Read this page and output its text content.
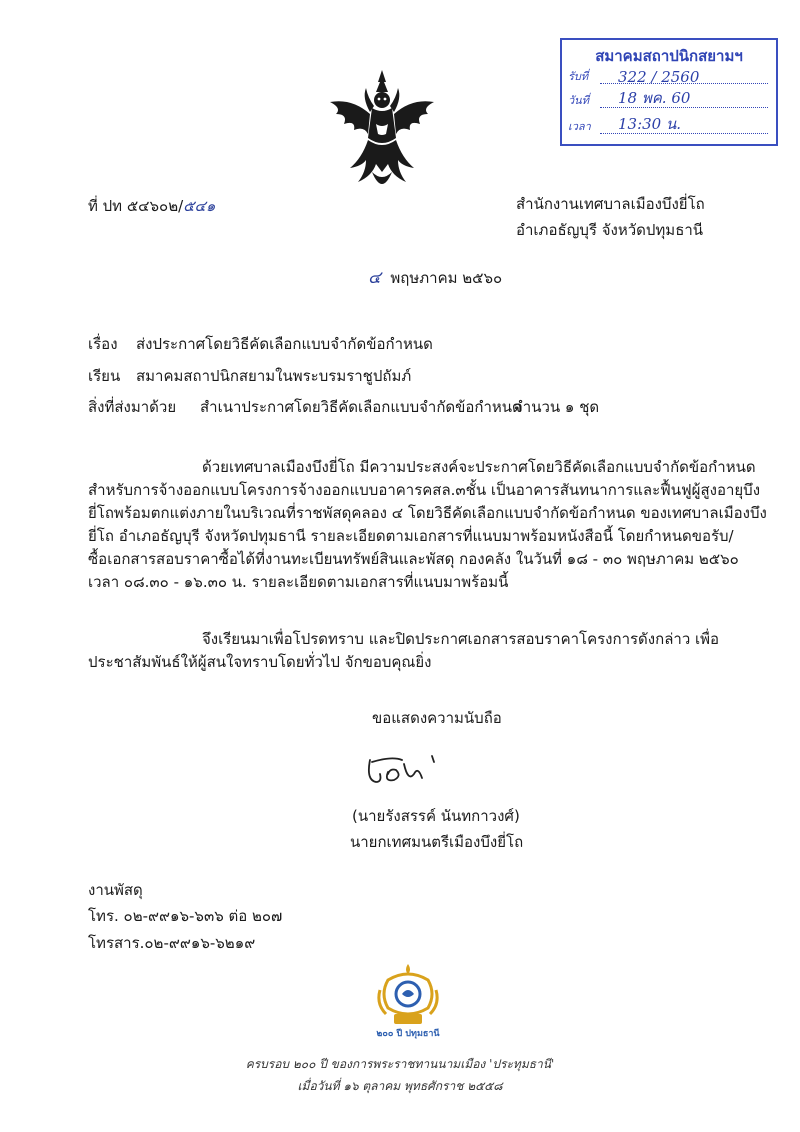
สมาคมสถาปนิกสยามฯ
รับที่ 322 / 2560
วันที่ 18 พค. 60
เวลา 13:30 น.
ที่ ปท ๕๔๖๐๒/๕๔๑	สำนักงานเทศบาลเมืองบึงยี่โถ
อำเภอธัญบุรี จังหวัดปทุมธานี
๔ พฤษภาคม ๒๕๖๐
เรื่อง ส่งประกาศโดยวิธีคัดเลือกแบบจำกัดข้อกำหนด
เรียน สมาคมสถาปนิกสยามในพระบรมราชูปถัมภ์
สิ่งที่ส่งมาด้วย สำเนาประกาศโดยวิธีคัดเลือกแบบจำกัดข้อกำหนด
จำนวน ๑ ชุด
ด้วยเทศบาลเมืองบึงยี่โถ มีความประสงค์จะประกาศโดยวิธีคัดเลือกแบบจำกัดข้อกำหนด
สำหรับการจ้างออกแบบโครงการจ้างออกแบบอาคารคสล.๓ชั้น เป็นอาคารสันทนาการและฟื้นฟูผู้สูงอายุบึง
ยี่โถพร้อมตกแต่งภายในบริเวณที่ราชพัสดุคลอง ๔ โดยวิธีคัดเลือกแบบจำกัดข้อกำหนด ของเทศบาลเมืองบึง
ยี่โถ อำเภอธัญบุรี จังหวัดปทุมธานี รายละเอียดตามเอกสารที่แนบมาพร้อมหนังสือนี้ โดยกำหนดขอรับ/
ซื้อเอกสารสอบราคาซื้อได้ที่งานทะเบียนทรัพย์สินและพัสดุ กองคลัง ในวันที่ ๑๘ - ๓๐ พฤษภาคม ๒๕๖๐
เวลา ๐๘.๓๐ - ๑๖.๓๐ น. รายละเอียดตามเอกสารที่แนบมาพร้อมนี้
จึงเรียนมาเพื่อโปรดทราบ และปิดประกาศเอกสารสอบราคาโครงการดังกล่าว เพื่อ
ประชาสัมพันธ์ให้ผู้สนใจทราบโดยทั่วไป จักขอบคุณยิ่ง
ขอแสดงความนับถือ
(นายรังสรรค์ นันทกาวงศ์)
นายกเทศมนตรีเมืองบึงยี่โถ
งานพัสดุ
โทร. ๐๒-๙๙๑๖-๖๓๖ ต่อ ๒๐๗
โทรสาร.๐๒-๙๙๑๖-๖๒๑๙
๒๐๐ ปี ปทุมธานี
ครบรอบ ๒๐๐ ปี ของการพระราชทานนามเมือง 'ประทุมธานี'
เมื่อวันที่ ๑๖ ตุลาคม พุทธศักราช ๒๕๕๘
